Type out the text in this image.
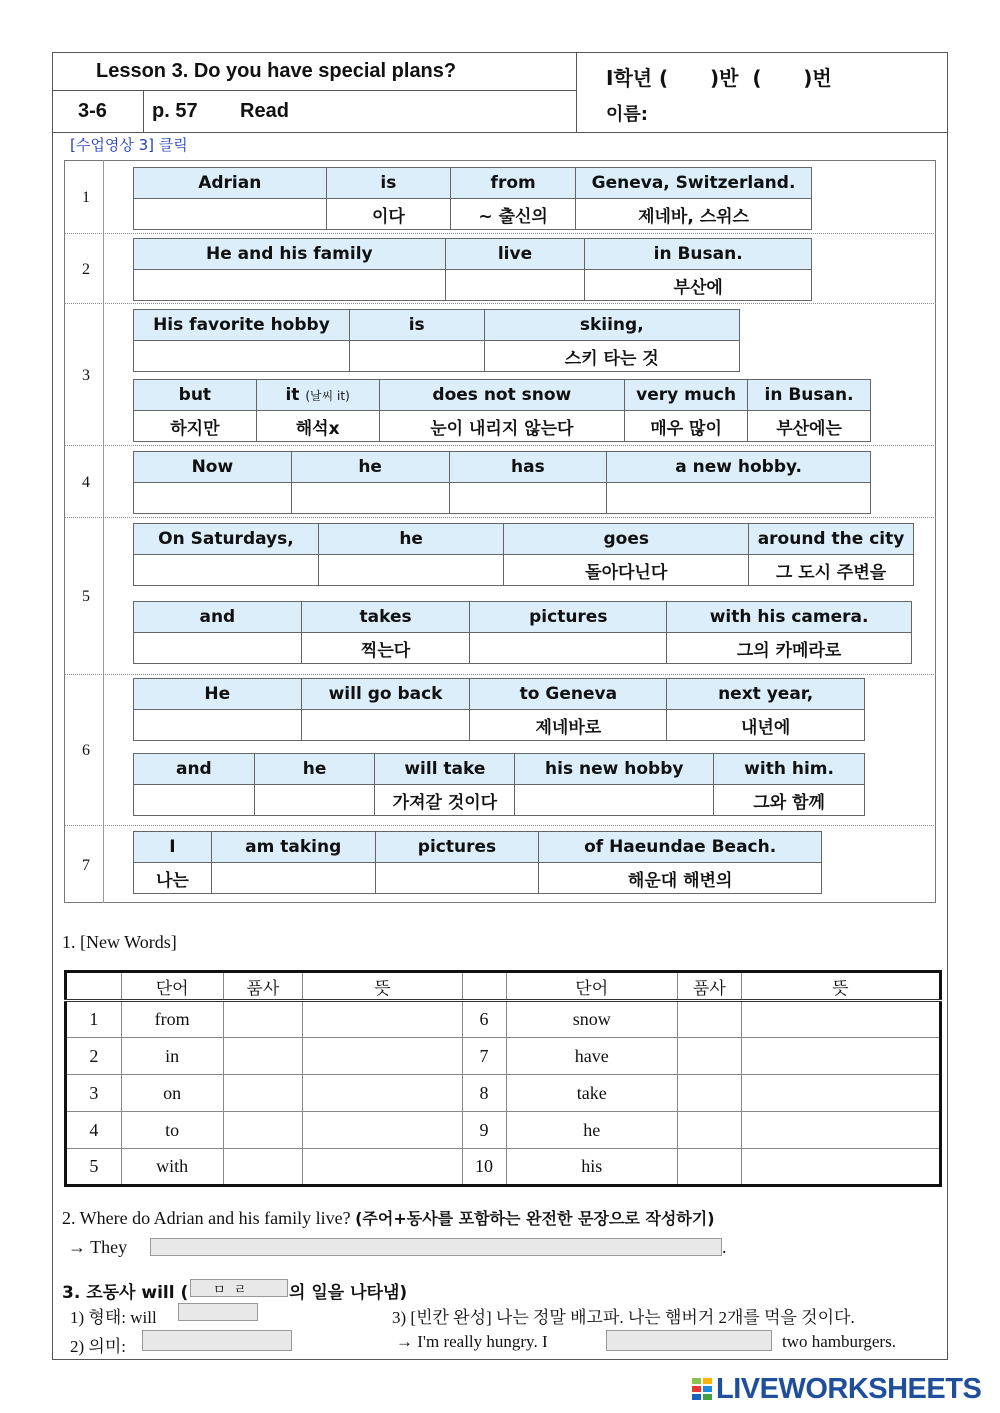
Lesson 3. Do you have special plans?
3-6 p. 57 Read
I학년 (      )반  (      )번
이름:
[수업영상 3] 클릭
1
2
3
4
5
6
7
Adrian	is	from	Geneva, Switzerland.
	이다	~ 출신의	제네바, 스위스
He and his family	live	in Busan.
		부산에
His favorite hobby	is	skiing,
		스키 타는 것
but	it (날씨 it)	does not snow	very much	in Busan.
하지만	해석x	눈이 내리지 않는다	매우 많이	부산에는
Now	he	has	a new hobby.

On Saturdays,	he	goes	around the city
		돌아다닌다	그 도시 주변을
and	takes	pictures	with his camera.
	찍는다		그의 카메라로
He	will go back	to Geneva	next year,
		제네바로	내년에
and	he	will take	his new hobby	with him.
		가져갈 것이다		그와 함께
I	am taking	pictures	of Haeundae Beach.
나는			해운대 해변의
1. [New Words]
	단어	품사	뜻		단어	품사	뜻
1	from			6	snow		
2	in			7	have		
3	on			8	take		
4	to			9	he		
5	with			10	his		
2. Where do Adrian and his family live? (주어+동사를 포함하는 완전한 문장으로 작성하기)
→ They	.
3. 조동사 will ( ㅁ  ㄹ	의 일을 나타냄)
1) 형태: will
2) 의미:
3) [빈칸 완성] 나는 정말 배고파. 나는 햄버거 2개를 먹을 것이다.
→ I'm really hungry. I	two hamburgers.
LIVEWORKSHEETS
